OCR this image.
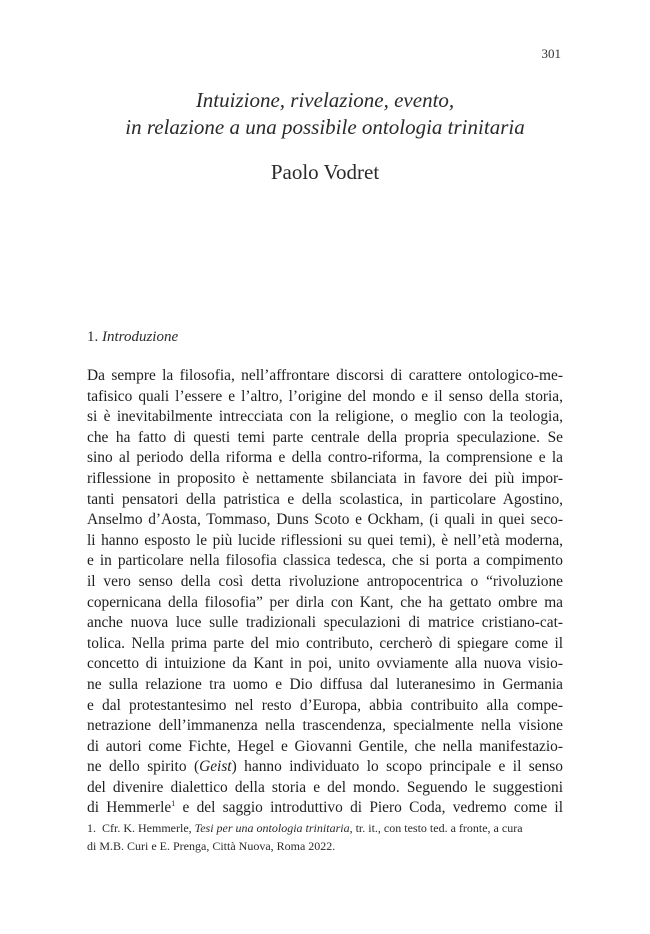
301
Intuizione, rivelazione, evento,
in relazione a una possibile ontologia trinitaria
Paolo Vodret
1. Introduzione
Da sempre la filosofia, nell’affrontare discorsi di carattere ontologico-me-
tafisico quali l’essere e l’altro, l’origine del mondo e il senso della storia,
si è inevitabilmente intrecciata con la religione, o meglio con la teologia,
che ha fatto di questi temi parte centrale della propria speculazione. Se
sino al periodo della riforma e della contro-riforma, la comprensione e la
riflessione in proposito è nettamente sbilanciata in favore dei più impor-
tanti pensatori della patristica e della scolastica, in particolare Agostino,
Anselmo d’Aosta, Tommaso, Duns Scoto e Ockham, (i quali in quei seco-
li hanno esposto le più lucide riflessioni su quei temi), è nell’età moderna,
e in particolare nella filosofia classica tedesca, che si porta a compimento
il vero senso della così detta rivoluzione antropocentrica o “rivoluzione
copernicana della filosofia” per dirla con Kant, che ha gettato ombre ma
anche nuova luce sulle tradizionali speculazioni di matrice cristiano-cat-
tolica. Nella prima parte del mio contributo, cercherò di spiegare come il
concetto di intuizione da Kant in poi, unito ovviamente alla nuova visio-
ne sulla relazione tra uomo e Dio diffusa dal luteranesimo in Germania
e dal protestantesimo nel resto d’Europa, abbia contribuito alla compe-
netrazione dell’immanenza nella trascendenza, specialmente nella visione
di autori come Fichte, Hegel e Giovanni Gentile, che nella manifestazio-
ne dello spirito (Geist) hanno individuato lo scopo principale e il senso
del divenire dialettico della storia e del mondo. Seguendo le suggestioni
di Hemmerle$^1$ e del saggio introduttivo di Piero Coda, vedremo come il
1. Cfr. K. Hemmerle, Tesi per una ontologia trinitaria, tr. it., con testo ted. a fronte, a cura
di M.B. Curi e E. Prenga, Città Nuova, Roma 2022.
